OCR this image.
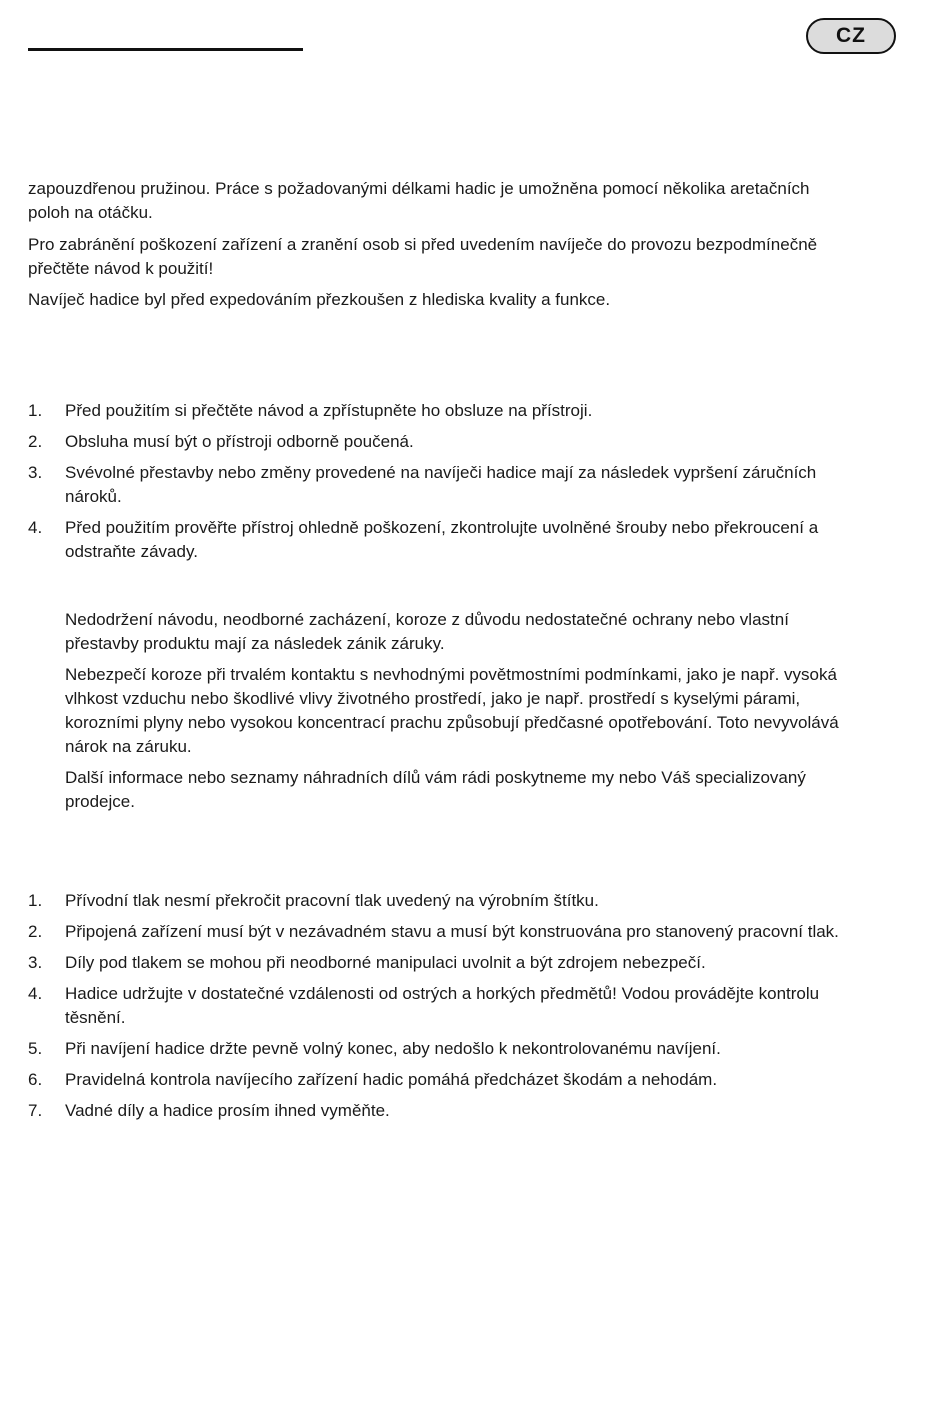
CZ

zapouzdřenou pružinou. Práce s požadovanými délkami hadic je umožněna pomocí několika aretačních poloh na otáčku.

Pro zabránění poškození zařízení a zranění osob si před uvedením navíječe do provozu bezpodmínečně přečtěte návod k použití!

Navíječ hadice byl před expedováním přezkoušen z hlediska kvality a funkce.

1.	Před použitím si přečtěte návod a zpřístupněte ho obsluze na přístroji.
2.	Obsluha musí být o přístroji odborně poučená.
3.	Svévolné přestavby nebo změny provedené na navíječi hadice mají za následek vypršení záručních nároků.
4.	Před použitím prověřte přístroj ohledně poškození, zkontrolujte uvolněné šrouby nebo překroucení a odstraňte závady.

Nedodržení návodu, neodborné zacházení, koroze z důvodu nedostatečné ochrany nebo vlastní přestavby produktu mají za následek zánik záruky.

Nebezpečí koroze při trvalém kontaktu s nevhodnými povětmostními podmínkami, jako je např. vysoká vlhkost vzduchu nebo škodlivé vlivy životného prostředí, jako je např. prostředí s kyselými párami, korozními plyny nebo vysokou koncentrací prachu způsobují předčasné opotřebování. Toto nevyvolává nárok na záruku.

Další informace nebo seznamy náhradních dílů vám rádi poskytneme my nebo Váš specializovaný prodejce.

1.	Přívodní tlak nesmí překročit pracovní tlak uvedený na výrobním štítku.
2.	Připojená zařízení musí být v nezávadném stavu a musí být konstruována pro stanovený pracovní tlak.
3.	Díly pod tlakem se mohou při neodborné manipulaci uvolnit a být zdrojem nebezpečí.
4.	Hadice udržujte v dostatečné vzdálenosti od ostrých a horkých předmětů! Vodou provádějte kontrolu těsnění.
5.	Při navíjení hadice držte pevně volný konec, aby nedošlo k nekontrolovanému navíjení.
6.	Pravidelná kontrola navíjecího zařízení hadic pomáhá předcházet škodám a nehodám.
7.	Vadné díly a hadice prosím ihned vyměňte.
